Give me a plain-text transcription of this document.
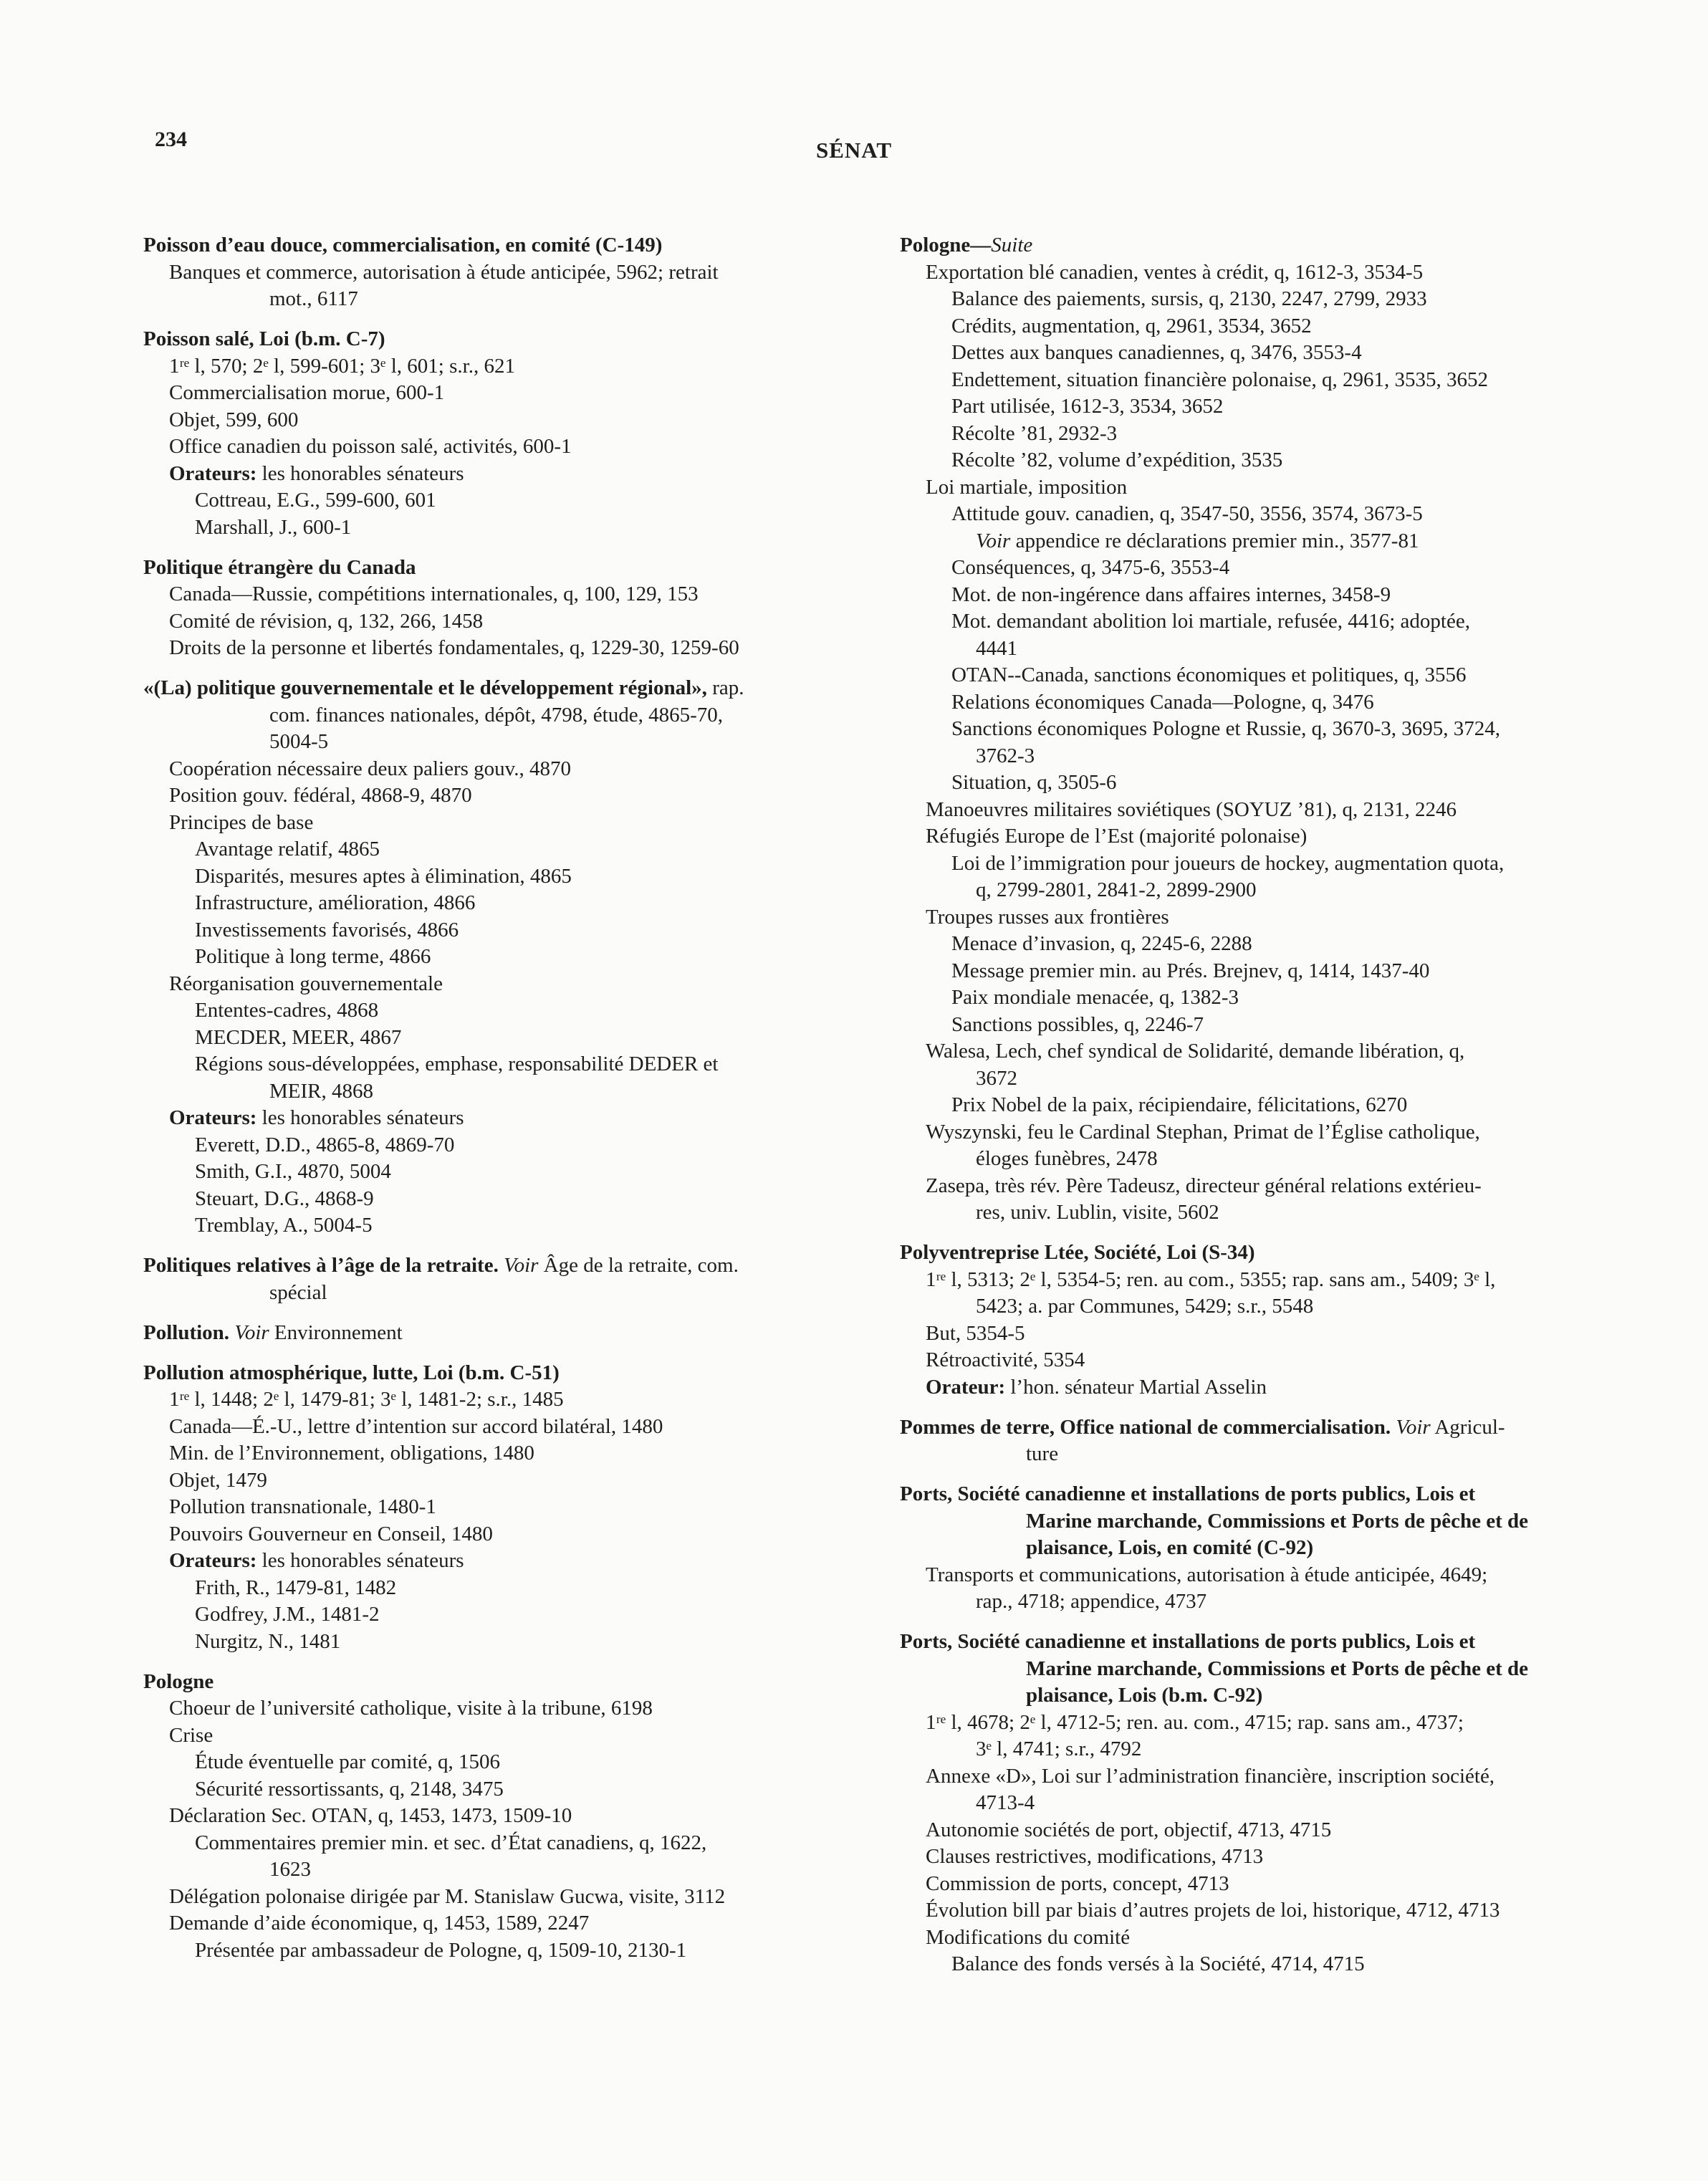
234	SÉNAT
Poisson d’eau douce, commercialisation, en comité (C-149)
Banques et commerce, autorisation à étude anticipée, 5962; retrait
mot., 6117
Poisson salé, Loi (b.m. C-7)
1ʳᵉ l, 570; 2ᵉ l, 599-601; 3ᵉ l, 601; s.r., 621
Commercialisation morue, 600-1
Objet, 599, 600
Office canadien du poisson salé, activités, 600-1
Orateurs: les honorables sénateurs
Cottreau, E.G., 599-600, 601
Marshall, J., 600-1
Politique étrangère du Canada
Canada—Russie, compétitions internationales, q, 100, 129, 153
Comité de révision, q, 132, 266, 1458
Droits de la personne et libertés fondamentales, q, 1229-30, 1259-60
«(La) politique gouvernementale et le développement régional», rap.
com. finances nationales, dépôt, 4798, étude, 4865-70,
5004-5
Coopération nécessaire deux paliers gouv., 4870
Position gouv. fédéral, 4868-9, 4870
Principes de base
Avantage relatif, 4865
Disparités, mesures aptes à élimination, 4865
Infrastructure, amélioration, 4866
Investissements favorisés, 4866
Politique à long terme, 4866
Réorganisation gouvernementale
Ententes-cadres, 4868
MECDER, MEER, 4867
Régions sous-développées, emphase, responsabilité DEDER et
MEIR, 4868
Orateurs: les honorables sénateurs
Everett, D.D., 4865-8, 4869-70
Smith, G.I., 4870, 5004
Steuart, D.G., 4868-9
Tremblay, A., 5004-5
Politiques relatives à l’âge de la retraite. Voir Âge de la retraite, com.
spécial
Pollution. Voir Environnement
Pollution atmosphérique, lutte, Loi (b.m. C-51)
1ʳᵉ l, 1448; 2ᵉ l, 1479-81; 3ᵉ l, 1481-2; s.r., 1485
Canada—É.-U., lettre d’intention sur accord bilatéral, 1480
Min. de l’Environnement, obligations, 1480
Objet, 1479
Pollution transnationale, 1480-1
Pouvoirs Gouverneur en Conseil, 1480
Orateurs: les honorables sénateurs
Frith, R., 1479-81, 1482
Godfrey, J.M., 1481-2
Nurgitz, N., 1481
Pologne
Choeur de l’université catholique, visite à la tribune, 6198
Crise
Étude éventuelle par comité, q, 1506
Sécurité ressortissants, q, 2148, 3475
Déclaration Sec. OTAN, q, 1453, 1473, 1509-10
Commentaires premier min. et sec. d’État canadiens, q, 1622,
1623
Délégation polonaise dirigée par M. Stanislaw Gucwa, visite, 3112
Demande d’aide économique, q, 1453, 1589, 2247
Présentée par ambassadeur de Pologne, q, 1509-10, 2130-1
Pologne—Suite
Exportation blé canadien, ventes à crédit, q, 1612-3, 3534-5
Balance des paiements, sursis, q, 2130, 2247, 2799, 2933
Crédits, augmentation, q, 2961, 3534, 3652
Dettes aux banques canadiennes, q, 3476, 3553-4
Endettement, situation financière polonaise, q, 2961, 3535, 3652
Part utilisée, 1612-3, 3534, 3652
Récolte ’81, 2932-3
Récolte ’82, volume d’expédition, 3535
Loi martiale, imposition
Attitude gouv. canadien, q, 3547-50, 3556, 3574, 3673-5
Voir appendice re déclarations premier min., 3577-81
Conséquences, q, 3475-6, 3553-4
Mot. de non-ingérence dans affaires internes, 3458-9
Mot. demandant abolition loi martiale, refusée, 4416; adoptée,
4441
OTAN--Canada, sanctions économiques et politiques, q, 3556
Relations économiques Canada—Pologne, q, 3476
Sanctions économiques Pologne et Russie, q, 3670-3, 3695, 3724,
3762-3
Situation, q, 3505-6
Manoeuvres militaires soviétiques (SOYUZ ’81), q, 2131, 2246
Réfugiés Europe de l’Est (majorité polonaise)
Loi de l’immigration pour joueurs de hockey, augmentation quota,
q, 2799-2801, 2841-2, 2899-2900
Troupes russes aux frontières
Menace d’invasion, q, 2245-6, 2288
Message premier min. au Prés. Brejnev, q, 1414, 1437-40
Paix mondiale menacée, q, 1382-3
Sanctions possibles, q, 2246-7
Walesa, Lech, chef syndical de Solidarité, demande libération, q,
3672
Prix Nobel de la paix, récipiendaire, félicitations, 6270
Wyszynski, feu le Cardinal Stephan, Primat de l’Église catholique,
éloges funèbres, 2478
Zasepa, très rév. Père Tadeusz, directeur général relations extérieu-
res, univ. Lublin, visite, 5602
Polyventreprise Ltée, Société, Loi (S-34)
1ʳᵉ l, 5313; 2ᵉ l, 5354-5; ren. au com., 5355; rap. sans am., 5409; 3ᵉ l,
5423; a. par Communes, 5429; s.r., 5548
But, 5354-5
Rétroactivité, 5354
Orateur: l’hon. sénateur Martial Asselin
Pommes de terre, Office national de commercialisation. Voir Agricul-
ture
Ports, Société canadienne et installations de ports publics, Lois et
Marine marchande, Commissions et Ports de pêche et de
plaisance, Lois, en comité (C-92)
Transports et communications, autorisation à étude anticipée, 4649;
rap., 4718; appendice, 4737
Ports, Société canadienne et installations de ports publics, Lois et
Marine marchande, Commissions et Ports de pêche et de
plaisance, Lois (b.m. C-92)
1ʳᵉ l, 4678; 2ᵉ l, 4712-5; ren. au. com., 4715; rap. sans am., 4737;
3ᵉ l, 4741; s.r., 4792
Annexe «D», Loi sur l’administration financière, inscription société,
4713-4
Autonomie sociétés de port, objectif, 4713, 4715
Clauses restrictives, modifications, 4713
Commission de ports, concept, 4713
Évolution bill par biais d’autres projets de loi, historique, 4712, 4713
Modifications du comité
Balance des fonds versés à la Société, 4714, 4715
